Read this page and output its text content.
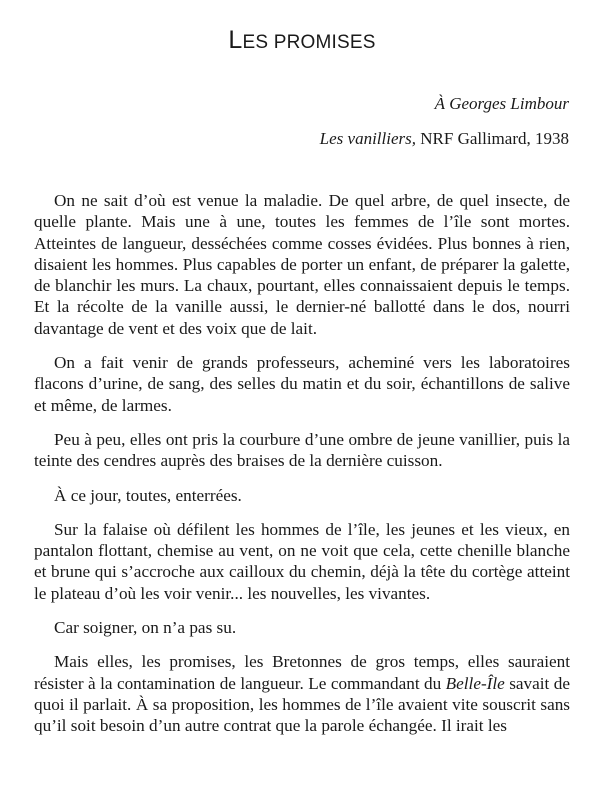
LES PROMISES
À Georges Limbour
Les vanilliers, NRF Gallimard, 1938

On ne sait d’où est venue la maladie. De quel arbre, de quel insecte, de quelle plante. Mais une à une, toutes les femmes de l’île sont mortes. Atteintes de langueur, desséchées comme cosses évidées. Plus bonnes à rien, disaient les hommes. Plus capables de porter un enfant, de préparer la galette, de blanchir les murs. La chaux, pourtant, elles connaissaient depuis le temps. Et la récolte de la vanille aussi, le dernier-né ballotté dans le dos, nourri davantage de vent et des voix que de lait.

On a fait venir de grands professeurs, acheminé vers les laboratoires flacons d’urine, de sang, des selles du matin et du soir, échantillons de salive et même, de larmes.

Peu à peu, elles ont pris la courbure d’une ombre de jeune vanillier, puis la teinte des cendres auprès des braises de la dernière cuisson.

À ce jour, toutes, enterrées.

Sur la falaise où défilent les hommes de l’île, les jeunes et les vieux, en pantalon flottant, chemise au vent, on ne voit que cela, cette chenille blanche et brune qui s’accroche aux cailloux du chemin, déjà la tête du cortège atteint le plateau d’où les voir venir... les nouvelles, les vivantes.

Car soigner, on n’a pas su.

Mais elles, les promises, les Bretonnes de gros temps, elles sauraient résister à la contamination de langueur. Le commandant du Belle-Île savait de quoi il parlait. À sa proposition, les hommes de l’île avaient vite souscrit sans qu’il soit besoin d’un autre contrat que la parole échangée. Il irait les
